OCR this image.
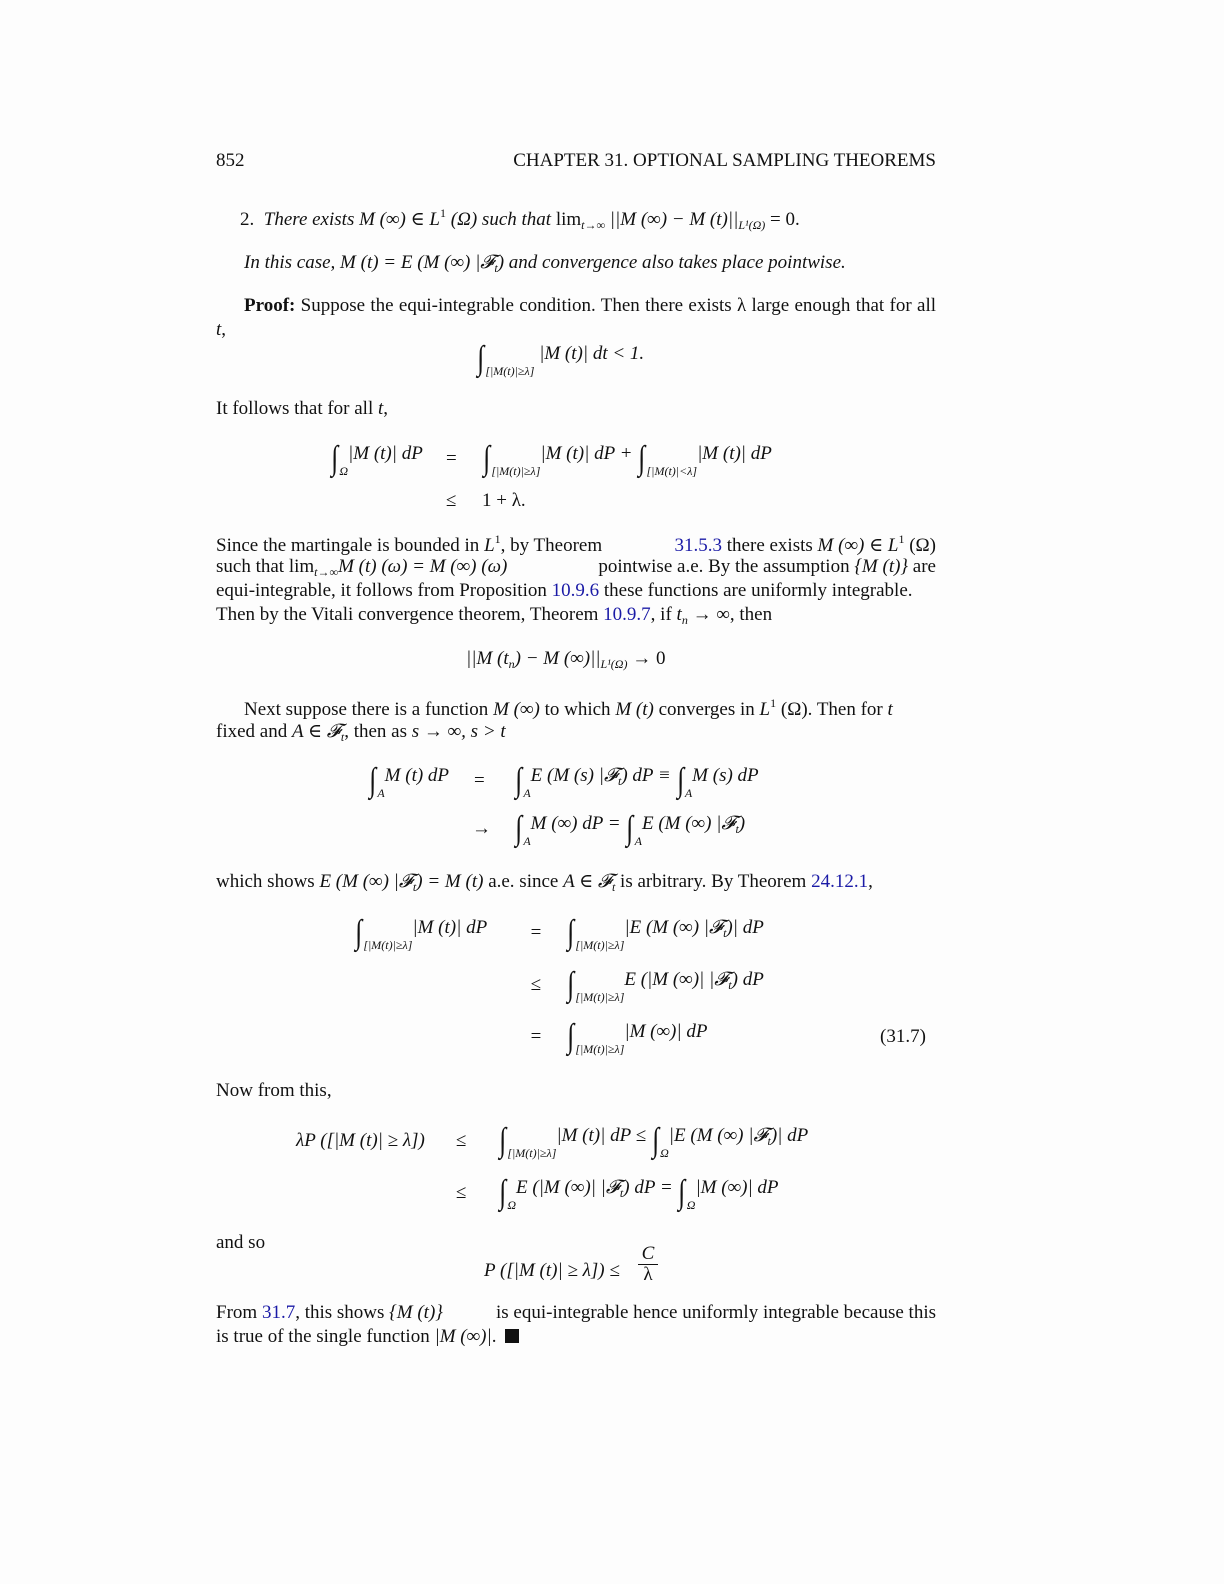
852	CHAPTER 31. OPTIONAL SAMPLING THEOREMS
2. There exists M (∞) ∈ $L^1$ (Ω) such that $\lim_{t\to\infty} ||M$ (∞) − M $(t)||_{L^1(\Omega)} = 0$.
In this case, M (t) = E (M (∞) |𝓕$_t$) and convergence also takes place pointwise.
Proof: Suppose the equi-integrable condition. Then there exists λ large enough that for all t,
$\int_{[|M(t)|\ge\lambda]}$ |M (t)| dt < 1.
It follows that for all t,
$\int_\Omega|M$ (t)| dP = $\int_{[|M(t)|\ge\lambda]}|M$ (t)| dP + $\int_{[|M(t)|<\lambda]}|M$ (t)| dP
≤ 1 + λ.
Since the martingale is bounded in $L^1$, by Theorem	31.5.3 there exists M (∞) ∈ $L^1$ (Ω)
such that $\lim_{t\to\infty}M$ (t) (ω) = M (∞) (ω)	pointwise a.e. By the assumption {M (t)} are
equi-integrable, it follows from Proposition 10.9.6 these functions are uniformly integrable.
Then by the Vitali convergence theorem, Theorem 10.9.7, if $t_n$ → ∞, then
||M $(t_n) - M$ $(\infty)||_{L^1(\Omega)} \to 0$
Next suppose there is a function M (∞) to which M (t) converges in $L^1$ (Ω). Then for t
fixed and A ∈ 𝓕$_t$, then as s → ∞, s > t
$\int_AM$ (t) dP = $\int_AE$ (M (s) |𝓕$_t$) dP ≡ $\int_AM$ (s) dP
→ $\int_AM$ (∞) dP = $\int_AE$ (M (∞) |𝓕$_t$)
which shows E (M (∞) |𝓕$_t$) = M (t) a.e. since A ∈ 𝓕$_t$ is arbitrary. By Theorem 24.12.1,
$\int_{[|M(t)|\ge\lambda]}|M$ (t)| dP	= $\int_{[|M(t)|\ge\lambda]}|E$ (M (∞) |𝓕$_t$)| dP
≤ $\int_{[|M(t)|\ge\lambda]}E$ (|M (∞)| |𝓕$_t$) dP
= $\int_{[|M(t)|\ge\lambda]}|M$ (∞)| dP	(31.7)
Now from this,
λP ([|M $(t)| \ge \lambda]) \le \int_{[|M(t)|\ge\lambda]}|M$ (t)| dP ≤ $\int_\Omega|E$ (M (∞) |𝓕$_t$)| dP
≤ $\int_\Omega E$ (|M (∞)| |𝓕$_t$) dP = $\int_\Omega|M$ (∞)| dP
and so
P ([|M (t)| ≥ λ]) ≤
C
λ
From 31.7, this shows {M (t)}	is equi-integrable hence uniformly integrable because this
is true of the single function |M (∞)|.
